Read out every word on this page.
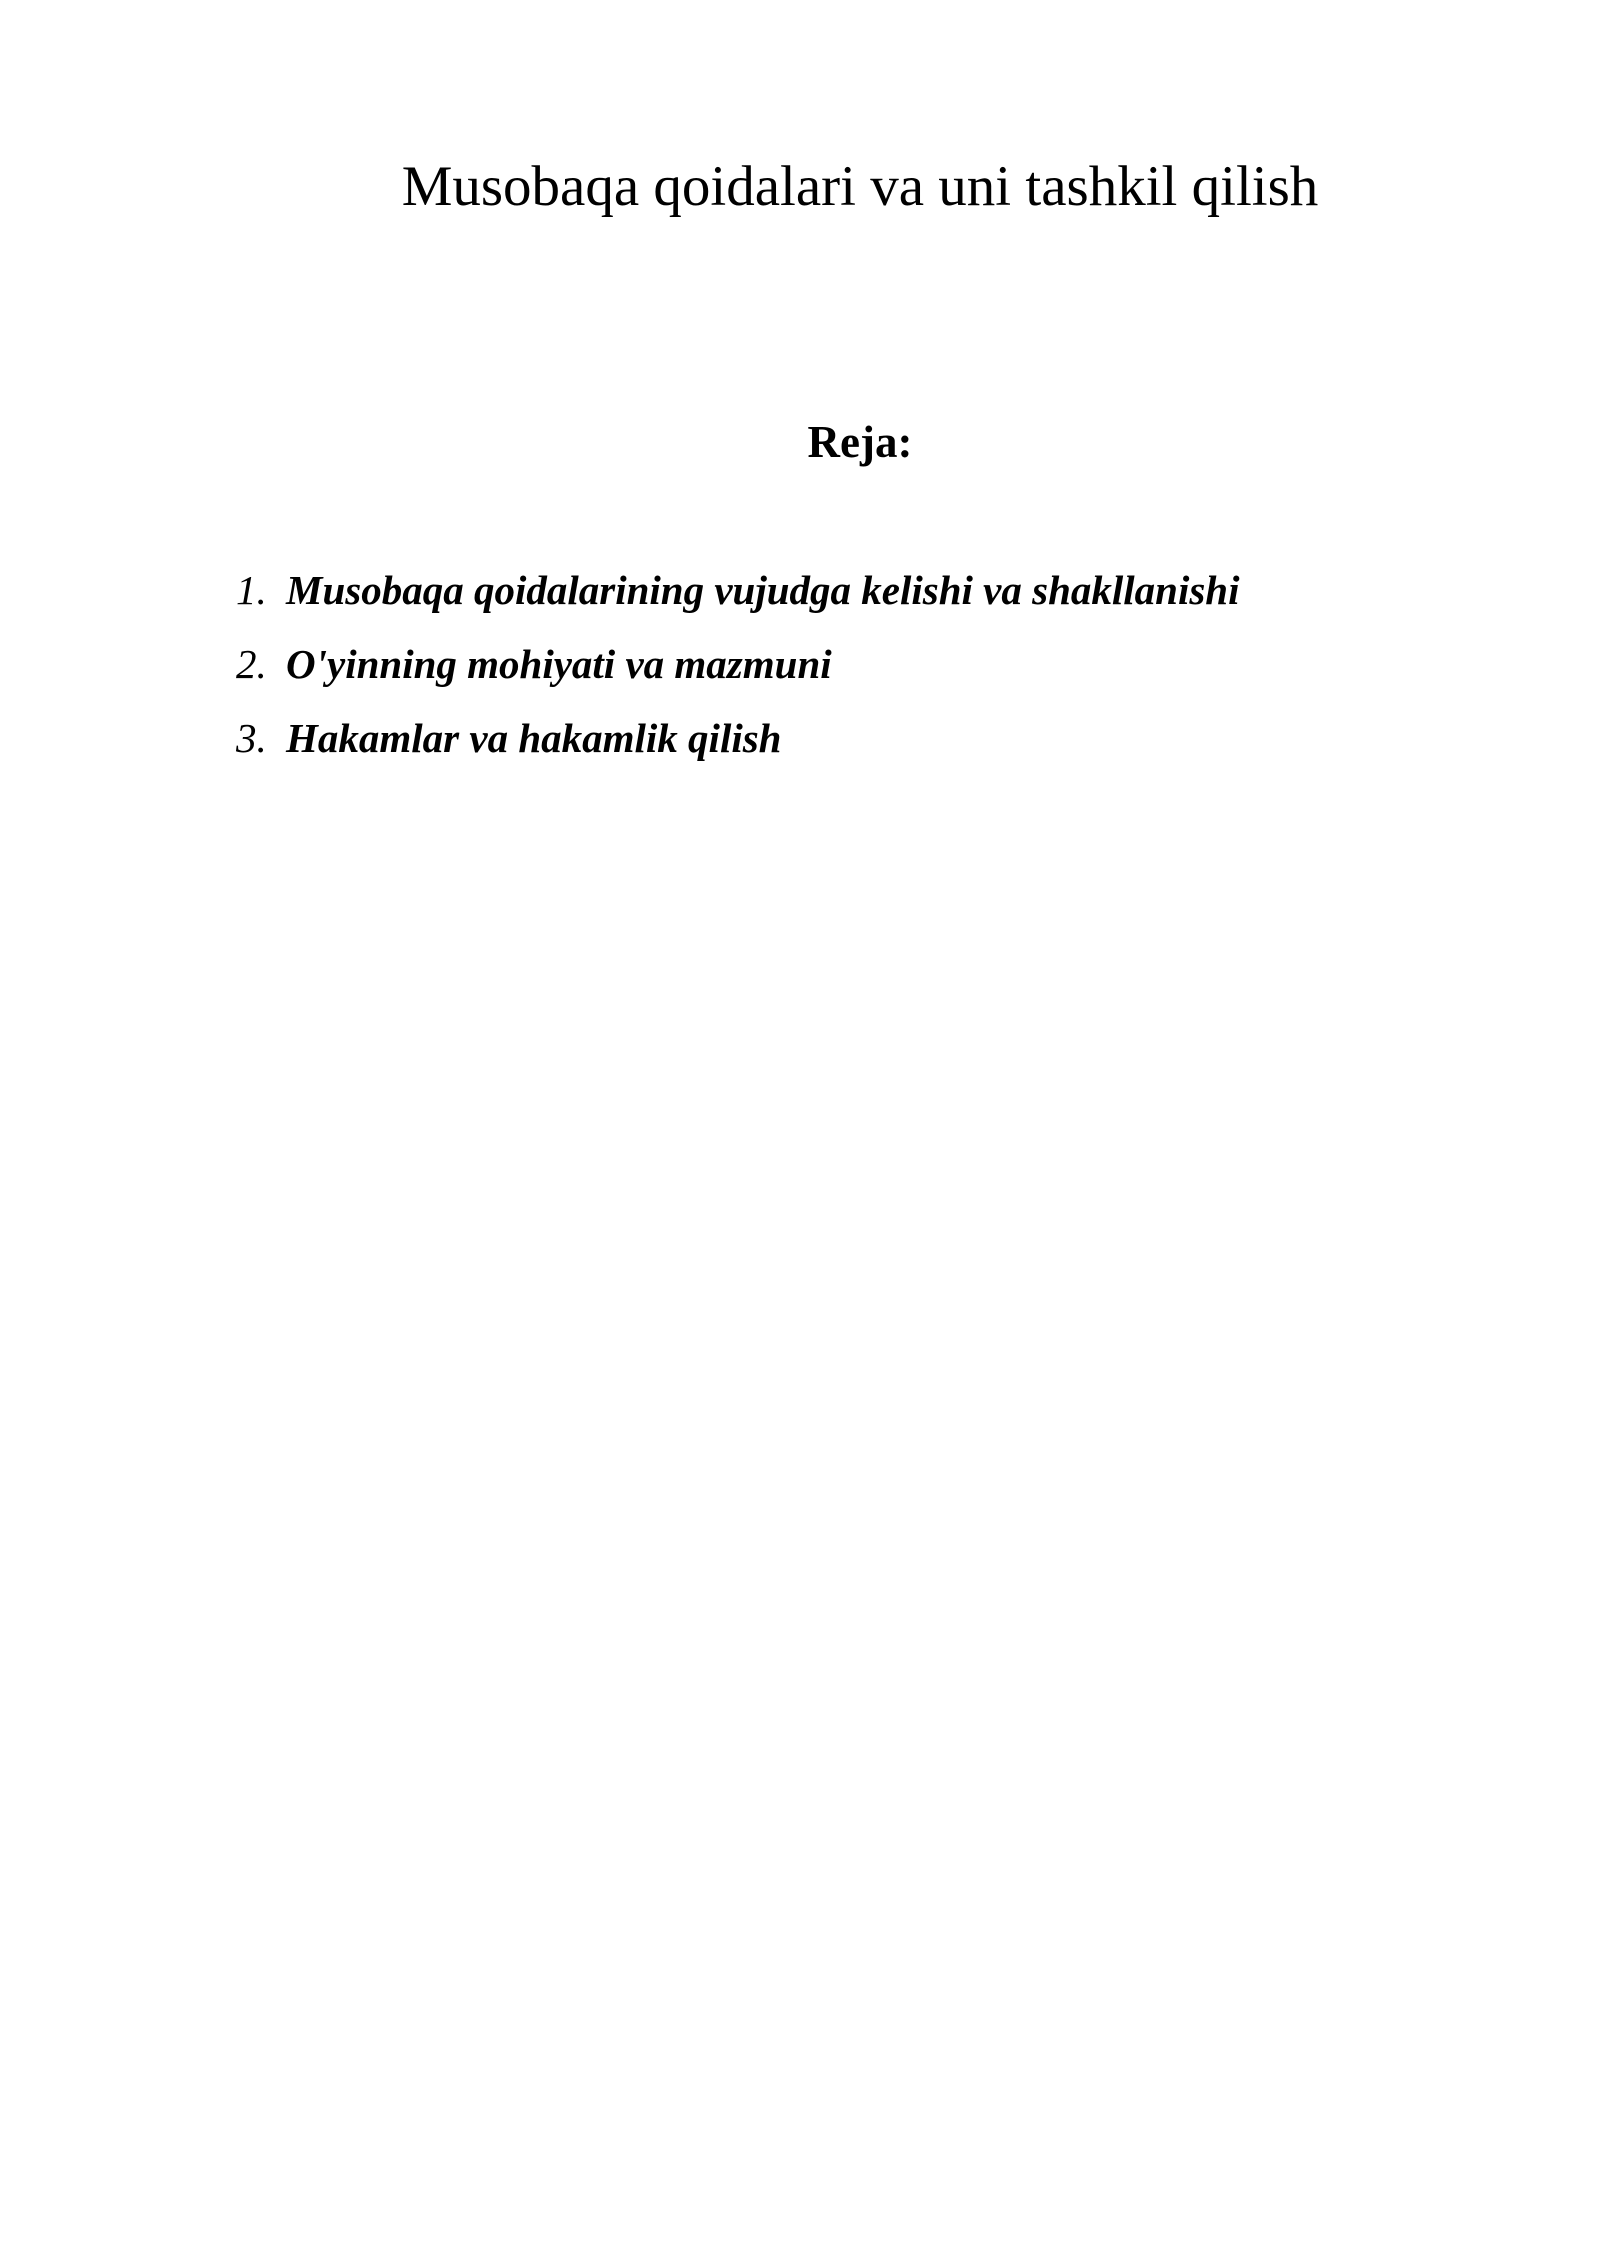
Musobaqa qoidalari va uni tashkil qilish
Reja:
1. Musobaqa qoidalarining vujudga kelishi va shakllanishi
2. O'yinning mohiyati va mazmuni
3. Hakamlar va hakamlik qilish
